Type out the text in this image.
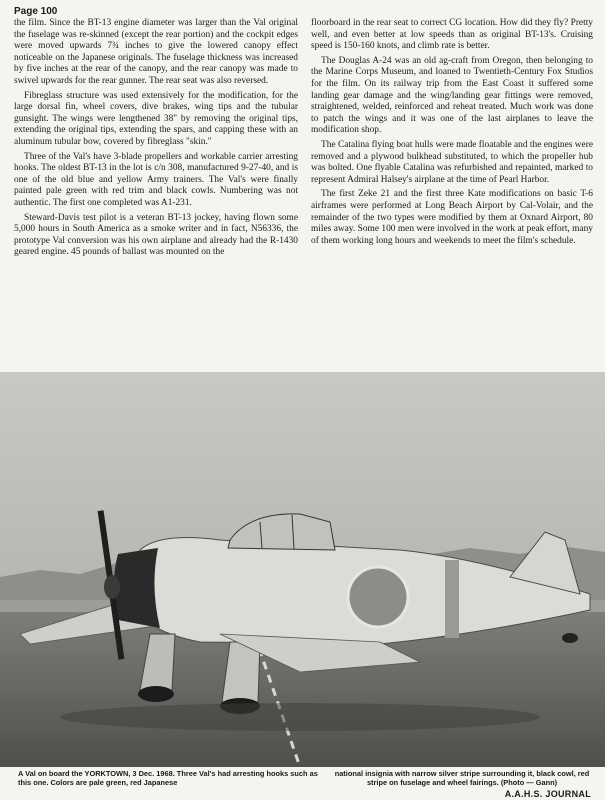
Page 100

the film. Since the BT-13 engine diameter was larger than the Val original the fuselage was re-skinned (except the rear portion) and the cockpit edges were moved upwards 7¾ inches to give the lowered canopy effect noticeable on the Japanese originals. The fuselage thickness was increased by five inches at the rear of the canopy, and the rear canopy was made to swivel upwards for the rear gunner. The rear seat was also reversed.

Fibreglass structure was used extensively for the modification, for the large dorsal fin, wheel covers, dive brakes, wing tips and the tubular gunsight. The wings were lengthened 38" by removing the original tips, extending the original tips, extending the spars, and capping these with an aluminum tubular bow, covered by fibreglass "skin."

Three of the Val's have 3-blade propellers and workable carrier arresting hooks. The oldest BT-13 in the lot is c/n 308, manufactured 9-27-40, and is one of the old blue and yellow Army trainers. The Val's were finally painted pale green with red trim and black cowls. Numbering was not authentic. The first one completed was A1-231.

Steward-Davis test pilot is a veteran BT-13 jockey, having flown some 5,000 hours in South America as a smoke writer and in fact, N56336, the prototype Val conversion was his own airplane and already had the R-1430 geared engine. 45 pounds of ballast was mounted on the

floorboard in the rear seat to correct CG location. How did they fly? Pretty well, and even better at low speeds than as original BT-13's. Cruising speed is 150-160 knots, and climb rate is better.

The Douglas A-24 was an old ag-craft from Oregon, then belonging to the Marine Corps Museum, and loaned to Twentieth-Century Fox Studios for the film. On its railway trip from the East Coast it suffered some landing gear damage and the wing/landing gear fittings were removed, straightened, welded, reinforced and reheat treated. Much work was done to patch the wings and it was one of the last airplanes to leave the modification shop.

The Catalina flying boat hulls were made floatable and the engines were removed and a plywood bulkhead substituted, to which the propeller hub was bolted. One flyable Catalina was refurbished and repainted, marked to represent Admiral Halsey's airplane at the time of Pearl Harbor.

The first Zeke 21 and the first three Kate modifications on basic T-6 airframes were performed at Long Beach Airport by Cal-Volair, and the remainder of the two types were modified by them at Oxnard Airport, 80 miles away. Some 100 men were involved in the work at peak effort, many of them working long hours and weekends to meet the film's schedule.

A Val on board the YORKTOWN, 3 Dec. 1968. Three Val's had arresting hooks such as this one. Colors are pale green, red Japanese
national insignia with narrow silver stripe surrounding it, black cowl, red stripe on fuselage and wheel fairings. (Photo — Gann)
A.A.H.S. JOURNAL
